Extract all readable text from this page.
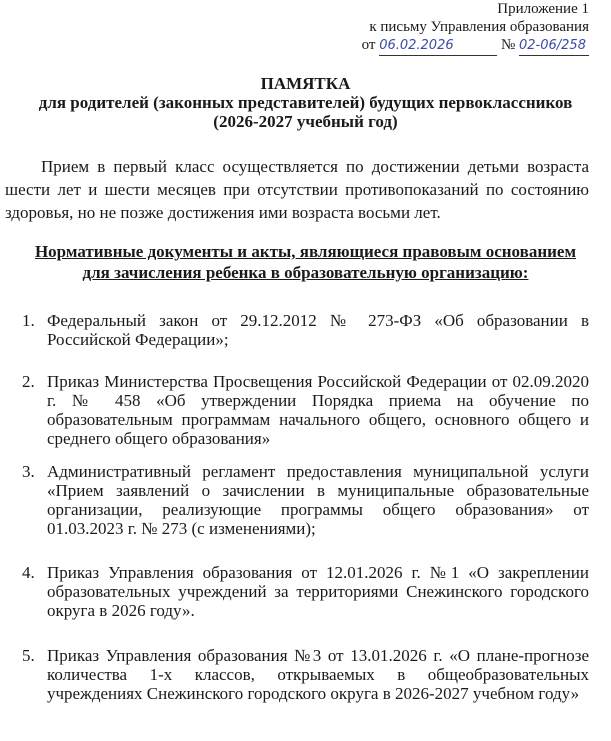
Приложение 1
к письму Управления образования
от 06.02.2026	№ 02-06/258
ПАМЯТКА
для родителей (законных представителей) будущих первоклассников
(2026-2027 учебный год)

Прием в первый класс осуществляется по достижении детьми возраста шести лет и шести месяцев при отсутствии противопоказаний по состоянию здоровья, но не позже достижения ими возраста восьми лет.

Нормативные документы и акты, являющиеся правовым основанием
для зачисления ребенка в образовательную организацию:
1. Федеральный закон от 29.12.2012 № 273-ФЗ «Об образовании в Российской Федерации»;
2. Приказ Министерства Просвещения Российской Федерации от 02.09.2020 г. № 458 «Об утверждении Порядка приема на обучение по образовательным программам начального общего, основного общего и среднего общего образования»
3. Административный регламент предоставления муниципальной услуги «Прием заявлений о зачислении в муниципальные образовательные организации, реализующие программы общего образования» от 01.03.2023 г. № 273 (с изменениями);
4. Приказ Управления образования от 12.01.2026 г. №1 «О закреплении образовательных учреждений за территориями Снежинского городского округа в 2026 году».
5. Приказ Управления образования №3 от 13.01.2026 г. «О плане-прогнозе количества 1-х классов, открываемых в общеобразовательных учреждениях Снежинского городского округа в 2026-2027 учебном году»
